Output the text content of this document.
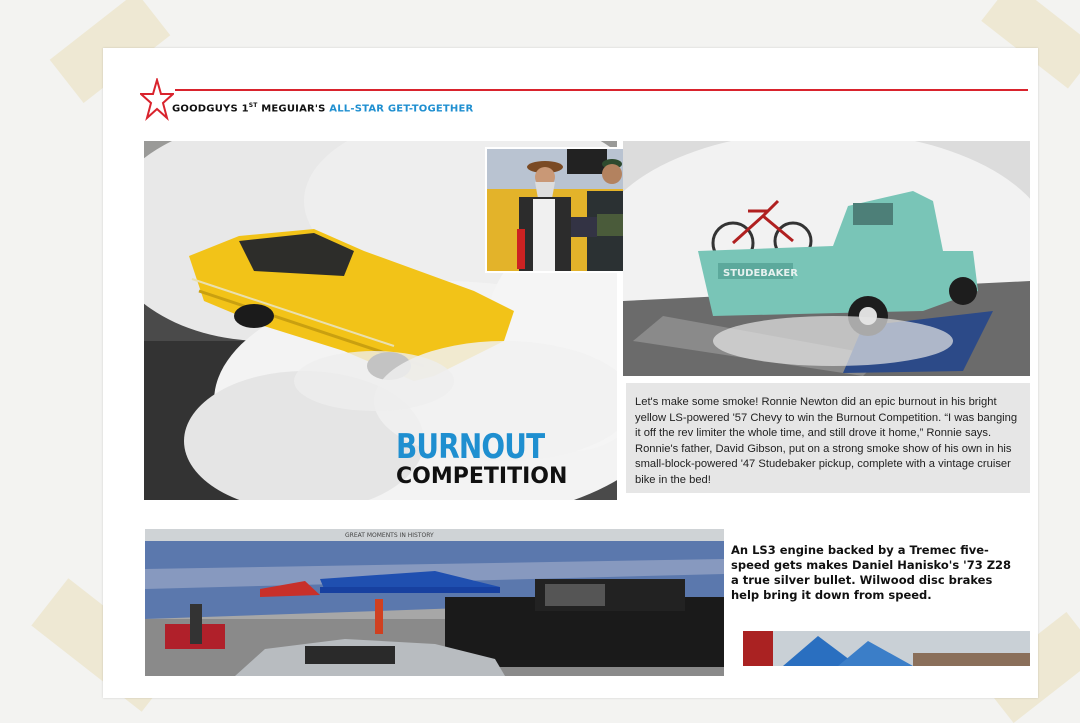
GOODGUYS 1ST MEGUIAR'S ALL-STAR GET-TOGETHER
STUDEBAKER
BURNOUT
COMPETITION
Let's make some smoke! Ronnie Newton did an epic burnout in his bright yellow LS-powered '57 Chevy to win the Burnout Competition. “I was banging it off the rev limiter the whole time, and still drove it home,” Ronnie says. Ronnie's father, David Gibson, put on a strong smoke show of his own in his small-block-powered '47 Studebaker pickup, complete with a vintage cruiser bike in the bed!
GREAT MOMENTS IN HISTORY
An LS3 engine backed by a Tremec five-speed gets makes Daniel Hanisko's '73 Z28 a true silver bullet. Wilwood disc brakes help bring it down from speed.
